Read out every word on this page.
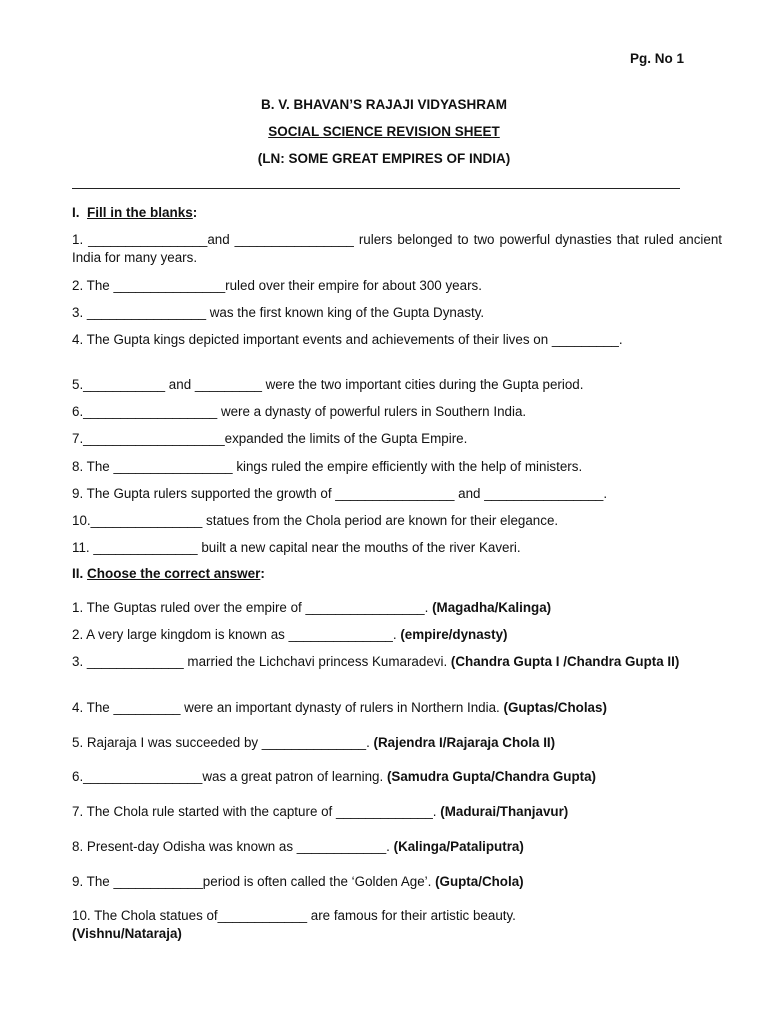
Pg. No 1
B. V. BHAVAN’S RAJAJI VIDYASHRAM
SOCIAL SCIENCE REVISION SHEET
(LN: SOME GREAT EMPIRES OF INDIA)
I. Fill in the blanks:
1. ________________and ________________ rulers belonged to two powerful dynasties that ruled ancient India for many years.
2. The _______________ruled over their empire for about 300 years.
3. ________________ was the first known king of the Gupta Dynasty.
4. The Gupta kings depicted important events and achievements of their lives on _________.
5.___________ and _________ were the two important cities during the Gupta period.
6.__________________ were a dynasty of powerful rulers in Southern India.
7.___________________expanded the limits of the Gupta Empire.
8. The ________________ kings ruled the empire efficiently with the help of ministers.
9. The Gupta rulers supported the growth of ________________ and ________________.
10._______________ statues from the Chola period are known for their elegance.
11. ______________ built a new capital near the mouths of the river Kaveri.
II. Choose the correct answer:
1. The Guptas ruled over the empire of ________________. (Magadha/Kalinga)
2. A very large kingdom is known as ______________. (empire/dynasty)
3. _____________ married the Lichchavi princess Kumaradevi. (Chandra Gupta I /Chandra Gupta II)
4. The _________ were an important dynasty of rulers in Northern India. (Guptas/Cholas)
5. Rajaraja I was succeeded by ______________. (Rajendra I/Rajaraja Chola II)
6.________________was a great patron of learning. (Samudra Gupta/Chandra Gupta)
7. The Chola rule started with the capture of _____________. (Madurai/Thanjavur)
8. Present-day Odisha was known as ____________. (Kalinga/Pataliputra)
9. The ____________period is often called the ‘Golden Age’. (Gupta/Chola)
10. The Chola statues of____________ are famous for their artistic beauty.
(Vishnu/Nataraja)
